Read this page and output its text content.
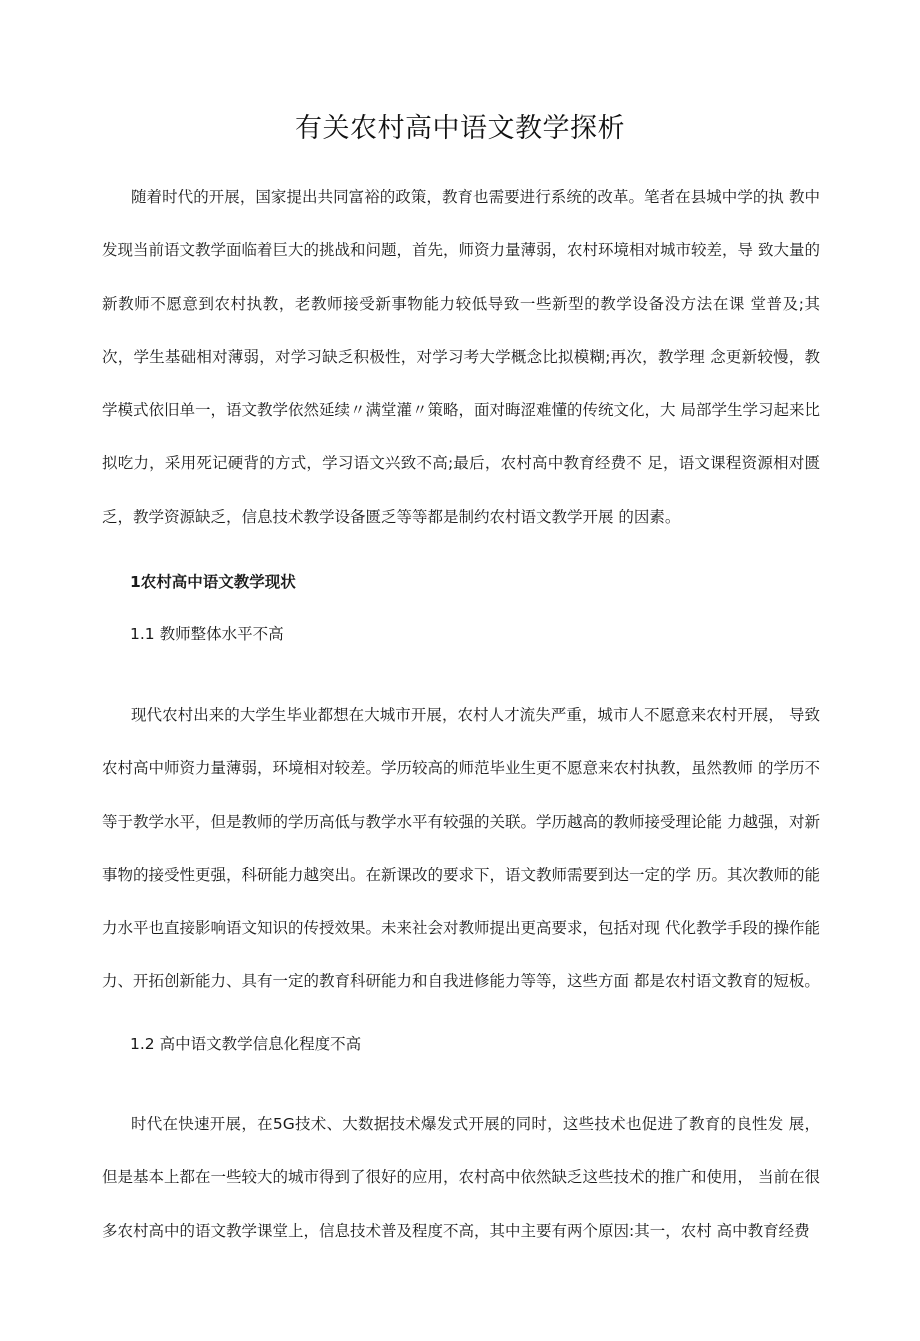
有关农村高中语文教学探析

随着时代的开展，国家提出共同富裕的政策，教育也需要进行系统的改革。笔者在县城中学的执 教中发现当前语文教学面临着巨大的挑战和问题，首先，师资力量薄弱，农村环境相对城市较差，导 致大量的新教师不愿意到农村执教，老教师接受新事物能力较低导致一些新型的教学设备没方法在课 堂普及;其次，学生基础相对薄弱，对学习缺乏积极性，对学习考大学概念比拟模糊;再次，教学理 念更新较慢，教学模式依旧单一，语文教学依然延续〃满堂灌〃策略，面对晦涩难懂的传统文化，大 局部学生学习起来比拟吃力，采用死记硬背的方式，学习语文兴致不高;最后，农村高中教育经费不 足，语文课程资源相对匮乏，教学资源缺乏，信息技术教学设备匮乏等等都是制约农村语文教学开展 的因素。

1农村高中语文教学现状
1.1 教师整体水平不高

现代农村出来的大学生毕业都想在大城市开展，农村人才流失严重，城市人不愿意来农村开展， 导致农村高中师资力量薄弱，环境相对较差。学历较高的师范毕业生更不愿意来农村执教，虽然教师 的学历不等于教学水平，但是教师的学历高低与教学水平有较强的关联。学历越高的教师接受理论能 力越强，对新事物的接受性更强，科研能力越突出。在新课改的要求下，语文教师需要到达一定的学 历。其次教师的能力水平也直接影响语文知识的传授效果。未来社会对教师提出更高要求，包括对现 代化教学手段的操作能力、开拓创新能力、具有一定的教育科研能力和自我进修能力等等，这些方面 都是农村语文教育的短板。

1.2 高中语文教学信息化程度不高

时代在快速开展，在5G技术、大数据技术爆发式开展的同时，这些技术也促进了教育的良性发 展，但是基本上都在一些较大的城市得到了很好的应用，农村高中依然缺乏这些技术的推广和使用， 当前在很多农村高中的语文教学课堂上，信息技术普及程度不高，其中主要有两个原因:其一，农村 高中教育经费
